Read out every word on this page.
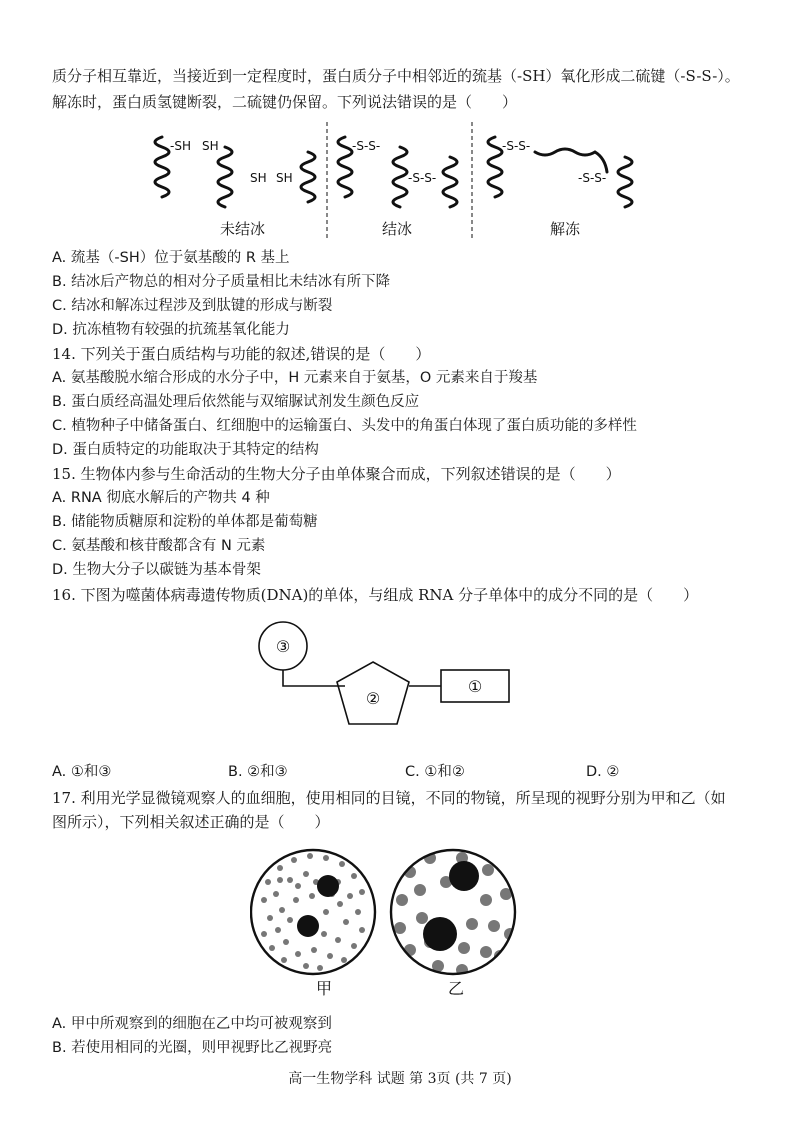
质分子相互靠近，当接近到一定程度时，蛋白质分子中相邻近的巯基（-SH）氧化形成二硫键（-S-S-）。
解冻时，蛋白质氢键断裂，二硫键仍保留。下列说法错误的是（　　）
-SH SH
SH SH
-S-S-
-S-S-
-S-S-
-S-S-
未结冰	结冰	解冻
A. 巯基（-SH）位于氨基酸的 R 基上
B. 结冰后产物总的相对分子质量相比未结冰有所下降
C. 结冰和解冻过程涉及到肽键的形成与断裂
D. 抗冻植物有较强的抗巯基氧化能力
14. 下列关于蛋白质结构与功能的叙述,错误的是（　　）
A. 氨基酸脱水缩合形成的水分子中，H 元素来自于氨基，O 元素来自于羧基
B. 蛋白质经高温处理后依然能与双缩脲试剂发生颜色反应
C. 植物种子中储备蛋白、红细胞中的运输蛋白、头发中的角蛋白体现了蛋白质功能的多样性
D. 蛋白质特定的功能取决于其特定的结构
15. 生物体内参与生命活动的生物大分子由单体聚合而成，下列叙述错误的是（　　）
A. RNA 彻底水解后的产物共 4 种
B. 储能物质糖原和淀粉的单体都是葡萄糖
C. 氨基酸和核苷酸都含有 N 元素
D. 生物大分子以碳链为基本骨架
16. 下图为噬菌体病毒遗传物质(DNA)的单体，与组成 RNA 分子单体中的成分不同的是（　　）
③
②
①
A. ①和③	B. ②和③	C. ①和②	D. ②
17. 利用光学显微镜观察人的血细胞，使用相同的目镜，不同的物镜，所呈现的视野分别为甲和乙（如
图所示），下列相关叙述正确的是（　　）
甲	乙
A. 甲中所观察到的细胞在乙中均可被观察到
B. 若使用相同的光圈，则甲视野比乙视野亮
高一生物学科 试题 第 3页 (共 7 页)
